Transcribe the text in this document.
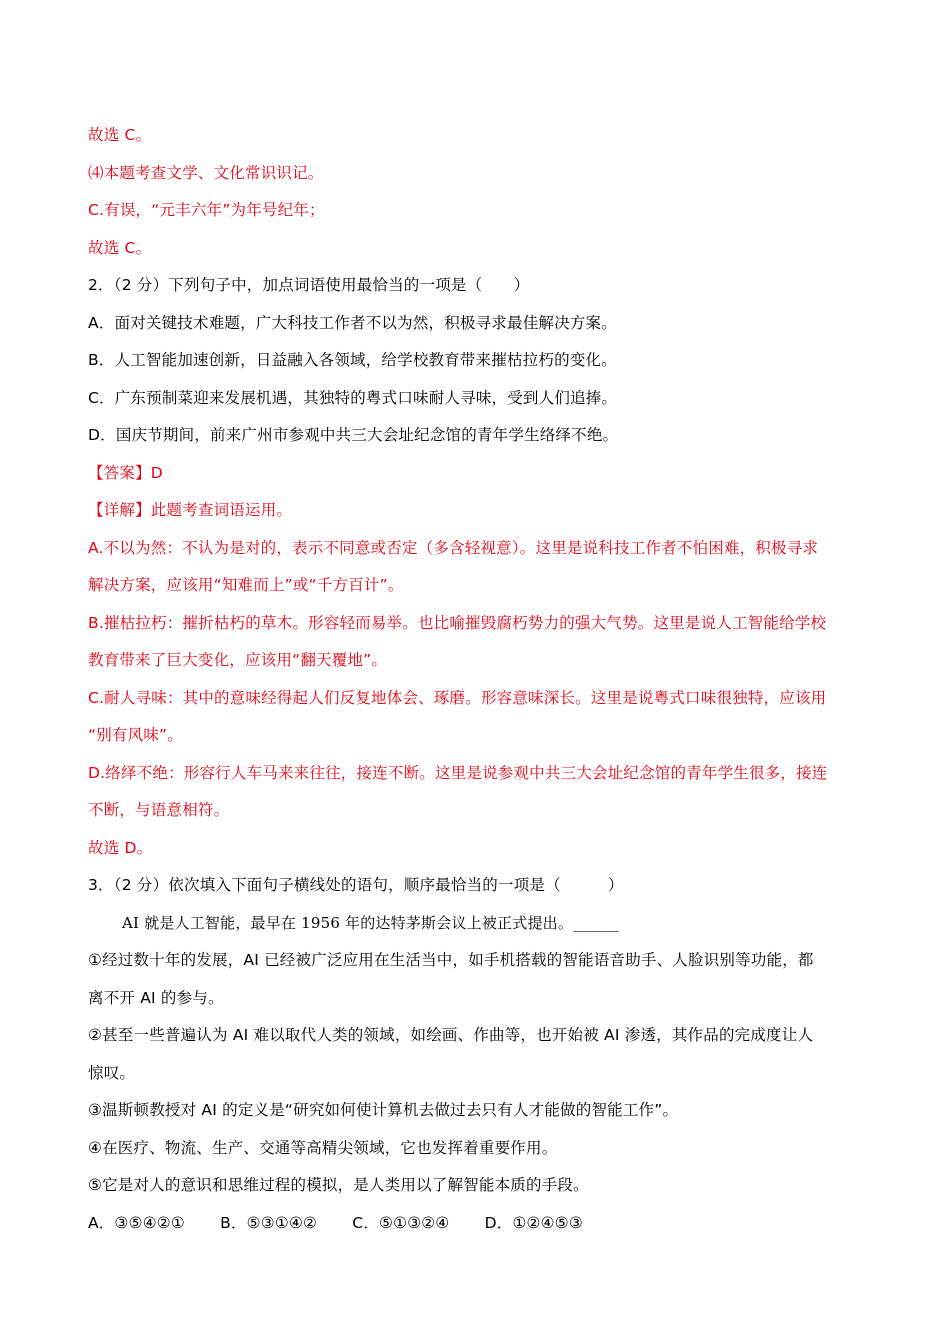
故选 C。
⑷本题考查文学、文化常识识记。
C.有误，“元丰六年”为年号纪年；
故选 C。
2．（2 分）下列句子中，加点词语使用最恰当的一项是（　　）
A．面对关键技术难题，广大科技工作者不以为然，积极寻求最佳解决方案。
B．人工智能加速创新，日益融入各领域，给学校教育带来摧枯拉朽的变化。
C．广东预制菜迎来发展机遇，其独特的粤式口味耐人寻味，受到人们追捧。
D．国庆节期间，前来广州市参观中共三大会址纪念馆的青年学生络绎不绝。
【答案】D
【详解】此题考查词语运用。
A.不以为然：不认为是对的，表示不同意或否定（多含轻视意）。这里是说科技工作者不怕困难，积极寻求
解决方案，应该用“知难而上”或“千方百计”。
B.摧枯拉朽：摧折枯朽的草木。形容轻而易举。也比喻摧毁腐朽势力的强大气势。这里是说人工智能给学校
教育带来了巨大变化，应该用“翻天覆地”。
C.耐人寻味：其中的意味经得起人们反复地体会、琢磨。形容意味深长。这里是说粤式口味很独特，应该用
“别有风味”。
D.络绎不绝：形容行人车马来来往往，接连不断。这里是说参观中共三大会址纪念馆的青年学生很多，接连
不断，与语意相符。
故选 D。
3．（2 分）依次填入下面句子横线处的语句，顺序最恰当的一项是（　　　）
AI 就是人工智能，最早在 1956 年的达特茅斯会议上被正式提出。______
①经过数十年的发展，AI 已经被广泛应用在生活当中，如手机搭载的智能语音助手、人脸识别等功能，都
离不开 AI 的参与。
②甚至一些普遍认为 AI 难以取代人类的领域，如绘画、作曲等，也开始被 AI 渗透，其作品的完成度让人
惊叹。
③温斯顿教授对 AI 的定义是“研究如何使计算机去做过去只有人才能做的智能工作”。
④在医疗、物流、生产、交通等高精尖领域，它也发挥着重要作用。
⑤它是对人的意识和思维过程的模拟，是人类用以了解智能本质的手段。
A．③⑤④②① B．⑤③①④② C．⑤①③②④ D．①②④⑤③
